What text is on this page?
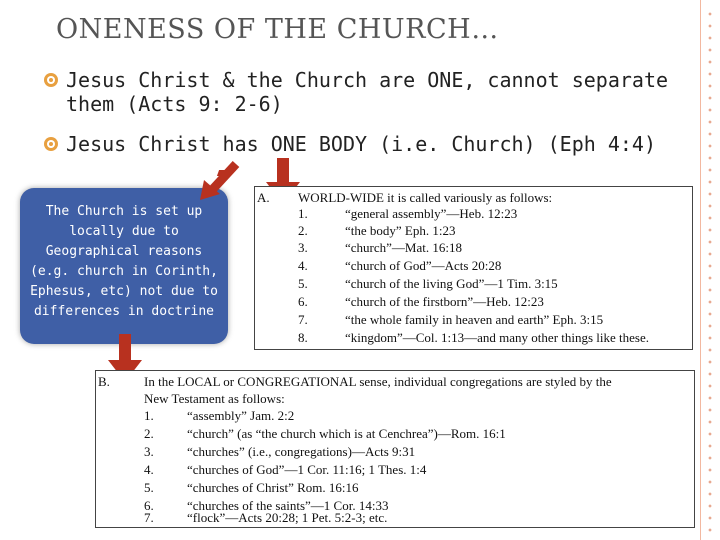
ONENESS OF THE CHURCH…
Jesus Christ & the Church are ONE, cannot separate them (Acts 9: 2-6)
Jesus Christ has ONE BODY (i.e. Church) (Eph 4:4)
The Church is set up locally due to Geographical reasons (e.g. church in Corinth, Ephesus, etc) not due to differences in doctrine
A. WORLD-WIDE it is called variously as follows:
1.	“general assembly”—Heb. 12:23
2.	“the body” Eph. 1:23
3.	“church”—Mat. 16:18
4.	“church of God”—Acts 20:28
5.	“church of the living God”—1 Tim. 3:15
6.	“church of the firstborn”—Heb. 12:23
7.	“the whole family in heaven and earth” Eph. 3:15
8.	“kingdom”—Col. 1:13—and many other things like these.
B.	In the LOCAL or CONGREGATIONAL sense, individual congregations are styled by the
New Testament as follows:
1.	“assembly” Jam. 2:2
2.	“church” (as “the church which is at Cenchrea”)—Rom. 16:1
3.	“churches” (i.e., congregations)—Acts 9:31
4.	“churches of God”—1 Cor. 11:16; 1 Thes. 1:4
5.	“churches of Christ” Rom. 16:16
6.	“churches of the saints”—1 Cor. 14:33
7.	“flock”—Acts 20:28; 1 Pet. 5:2-3; etc.
